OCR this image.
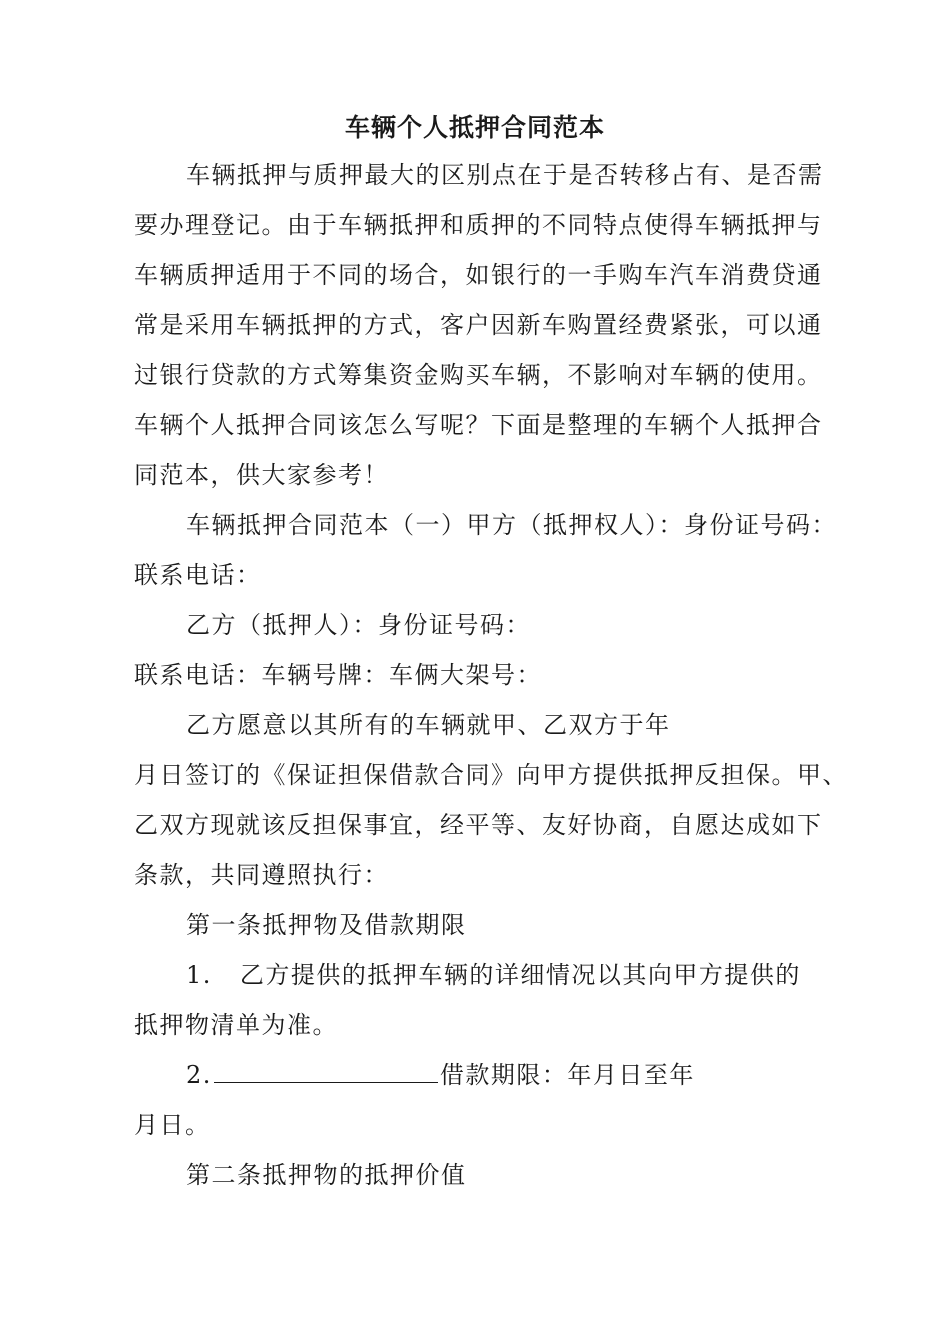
车辆个人抵押合同范本
车辆抵押与质押最大的区别点在于是否转移占有、是否需
要办理登记。由于车辆抵押和质押的不同特点使得车辆抵押与
车辆质押适用于不同的场合，如银行的一手购车汽车消费贷通
常是采用车辆抵押的方式，客户因新车购置经费紧张，可以通
过银行贷款的方式筹集资金购买车辆，不影响对车辆的使用。
车辆个人抵押合同该怎么写呢？下面是整理的车辆个人抵押合
同范本，供大家参考！
车辆抵押合同范本（一）甲方（抵押权人）：身份证号码：
联系电话：
乙方（抵押人）：身份证号码：
联系电话：车辆号牌：车俩大架号：
乙方愿意以其所有的车辆就甲、乙双方于年
月日签订的《保证担保借款合同》向甲方提供抵押反担保。甲、
乙双方现就该反担保事宜，经平等、友好协商，自愿达成如下
条款，共同遵照执行：
第一条抵押物及借款期限
1. 乙方提供的抵押车辆的详细情况以其向甲方提供的
抵押物清单为准。
2.	借款期限：年月日至年
月日。
第二条抵押物的抵押价值
